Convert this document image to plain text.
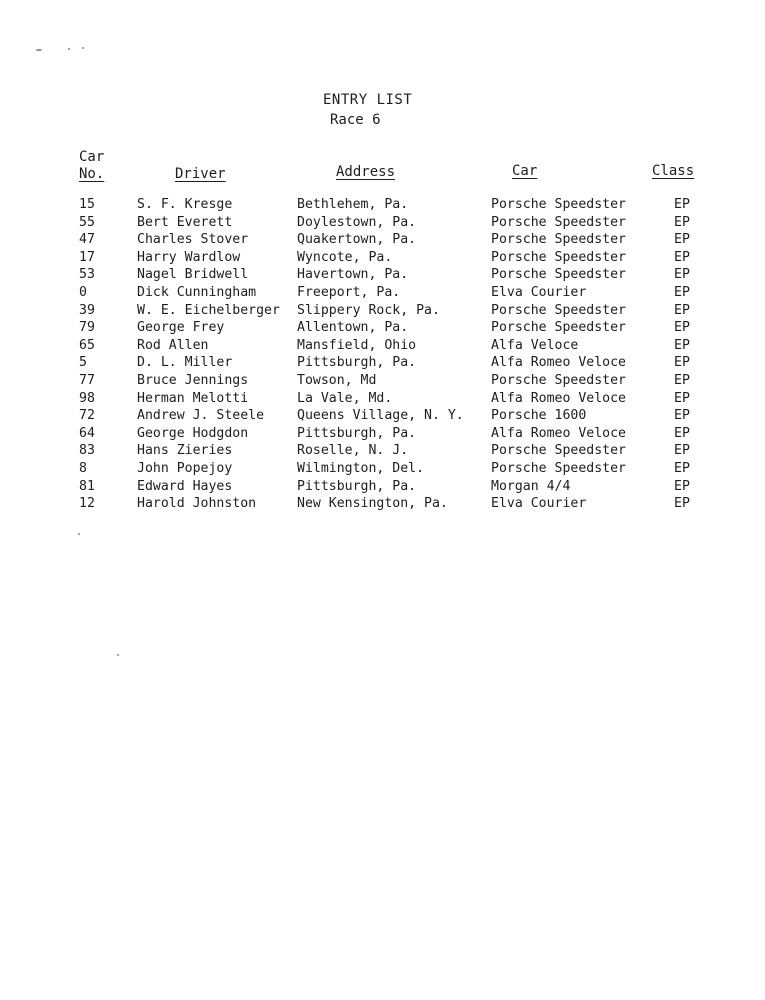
ENTRY LIST
Race 6
Car
No.	Driver	Address	Car	Class
15	S. F. Kresge	Bethlehem, Pa.	Porsche Speedster	EP
55	Bert Everett	Doylestown, Pa.	Porsche Speedster	EP
47	Charles Stover	Quakertown, Pa.	Porsche Speedster	EP
17	Harry Wardlow	Wyncote, Pa.	Porsche Speedster	EP
53	Nagel Bridwell	Havertown, Pa.	Porsche Speedster	EP
0	Dick Cunningham	Freeport, Pa.	Elva Courier	EP
39	W. E. Eichelberger	Slippery Rock, Pa.	Porsche Speedster	EP
79	George Frey	Allentown, Pa.	Porsche Speedster	EP
65	Rod Allen	Mansfield, Ohio	Alfa Veloce	EP
5	D. L. Miller	Pittsburgh, Pa.	Alfa Romeo Veloce	EP
77	Bruce Jennings	Towson, Md	Porsche Speedster	EP
98	Herman Melotti	La Vale, Md.	Alfa Romeo Veloce	EP
72	Andrew J. Steele	Queens Village, N. Y.	Porsche 1600	EP
64	George Hodgdon	Pittsburgh, Pa.	Alfa Romeo Veloce	EP
83	Hans Zieries	Roselle, N. J.	Porsche Speedster	EP
8	John Popejoy	Wilmington, Del.	Porsche Speedster	EP
81	Edward Hayes	Pittsburgh, Pa.	Morgan 4/4	EP
12	Harold Johnston	New Kensington, Pa.	Elva Courier	EP
